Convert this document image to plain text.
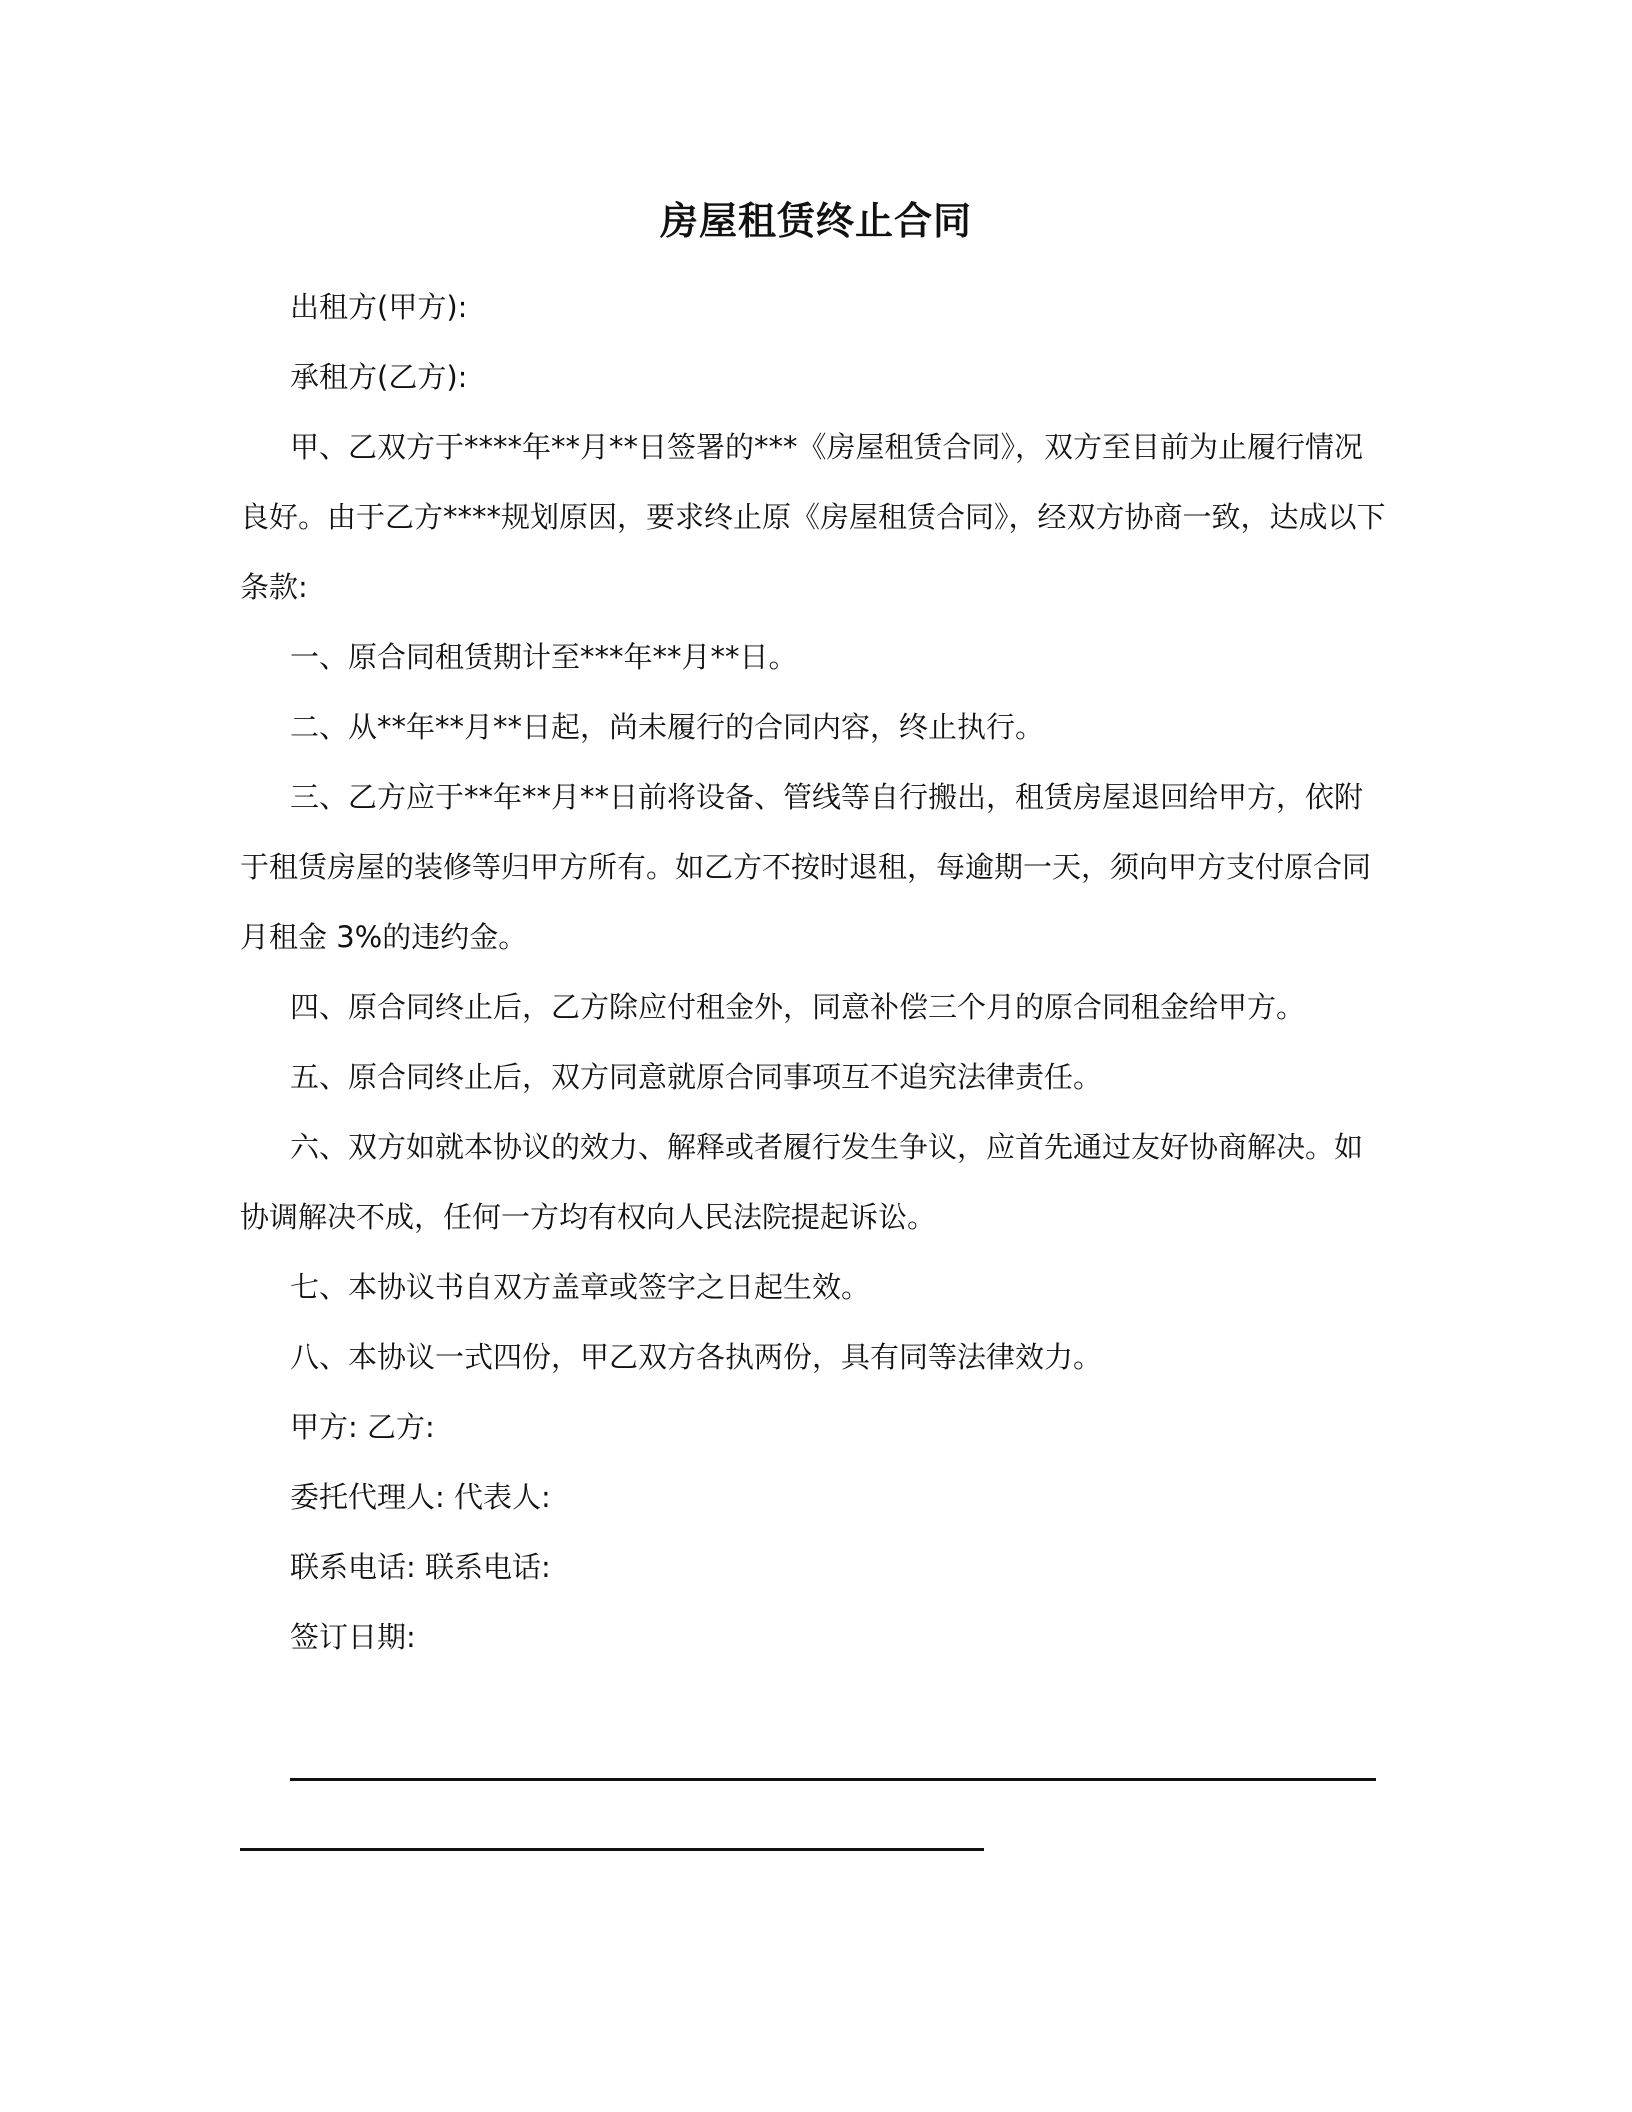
房屋租赁终止合同

出租方(甲方):

承租方(乙方):

甲、乙双方于****年**月**日签署的***《房屋租赁合同》，双方至目前为止履行情况良好。由于乙方****规划原因，要求终止原《房屋租赁合同》，经双方协商一致，达成以下条款:

一、原合同租赁期计至***年**月**日。

二、从**年**月**日起，尚未履行的合同内容，终止执行。

三、乙方应于**年**月**日前将设备、管线等自行搬出，租赁房屋退回给甲方，依附于租赁房屋的装修等归甲方所有。如乙方不按时退租，每逾期一天，须向甲方支付原合同月租金 3%的违约金。

四、原合同终止后，乙方除应付租金外，同意补偿三个月的原合同租金给甲方。

五、原合同终止后，双方同意就原合同事项互不追究法律责任。

六、双方如就本协议的效力、解释或者履行发生争议，应首先通过友好协商解决。如协调解决不成，任何一方均有权向人民法院提起诉讼。

七、本协议书自双方盖章或签字之日起生效。

八、本协议一式四份，甲乙双方各执两份，具有同等法律效力。

甲方: 乙方:

委托代理人: 代表人:

联系电话: 联系电话:

签订日期:
